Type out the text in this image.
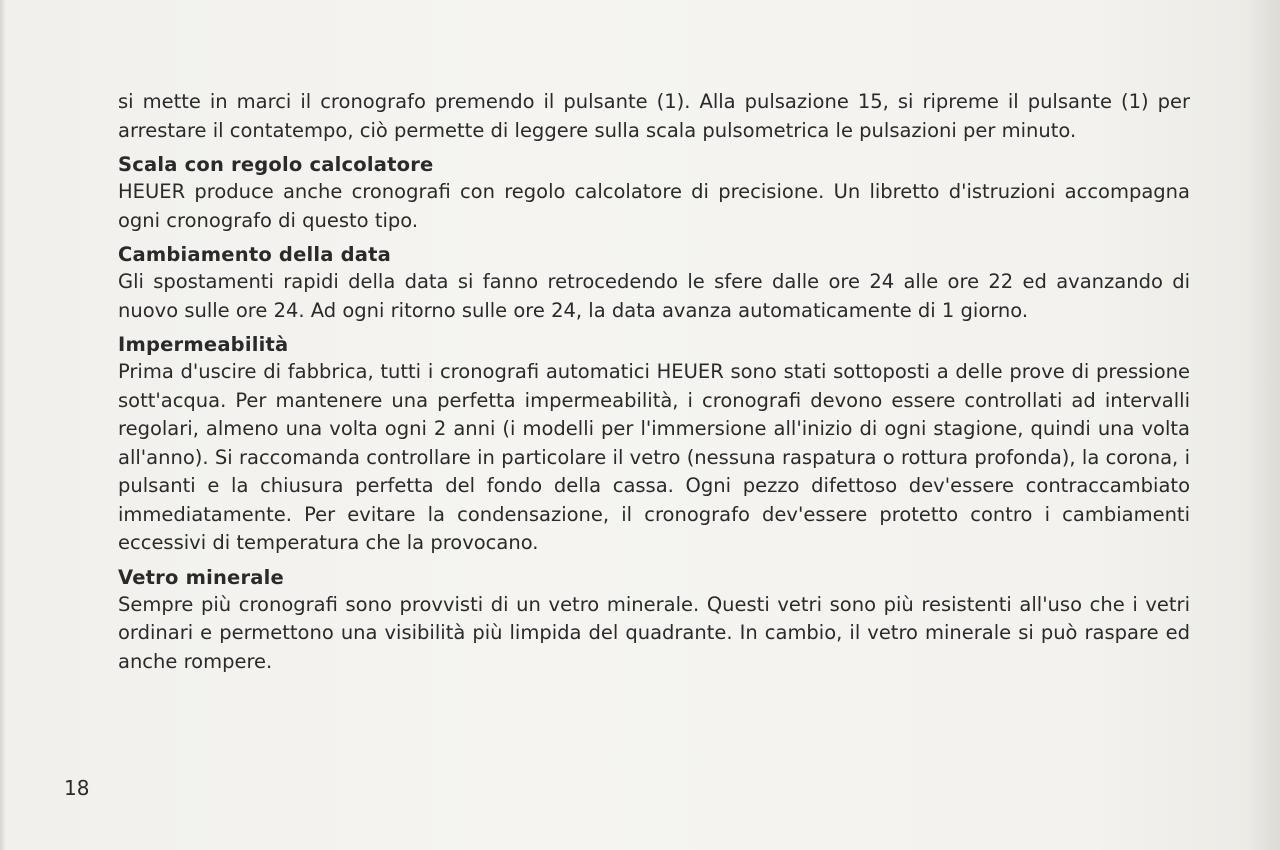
si mette in marci il cronografo premendo il pulsante (1). Alla pulsazione 15, si ripreme il pulsante (1) per arrestare il contatempo, ciò permette di leggere sulla scala pulsometrica le pulsazioni per minuto.

Scala con regolo calcolatore

HEUER produce anche cronografi con regolo calcolatore di precisione. Un libretto d'istruzioni accompagna ogni cronografo di questo tipo.

Cambiamento della data

Gli spostamenti rapidi della data si fanno retrocedendo le sfere dalle ore 24 alle ore 22 ed avanzando di nuovo sulle ore 24. Ad ogni ritorno sulle ore 24, la data avanza automaticamente di 1 giorno.

Impermeabilità

Prima d'uscire di fabbrica, tutti i cronografi automatici HEUER sono stati sottoposti a delle prove di pressione sott'acqua. Per mantenere una perfetta impermeabilità, i cronografi devono essere controllati ad intervalli regolari, almeno una volta ogni 2 anni (i modelli per l'immersione all'inizio di ogni stagione, quindi una volta all'anno). Si raccomanda controllare in particolare il vetro (nessuna raspatura o rottura profonda), la corona, i pulsanti e la chiusura perfetta del fondo della cassa. Ogni pezzo difettoso dev'essere contraccambiato immediatamente. Per evitare la condensazione, il cronografo dev'essere protetto contro i cambiamenti eccessivi di temperatura che la provocano.

Vetro minerale

Sempre più cronografi sono provvisti di un vetro minerale. Questi vetri sono più resistenti all'uso che i vetri ordinari e permettono una visibilità più limpida del quadrante. In cambio, il vetro minerale si può raspare ed anche rompere.

18
